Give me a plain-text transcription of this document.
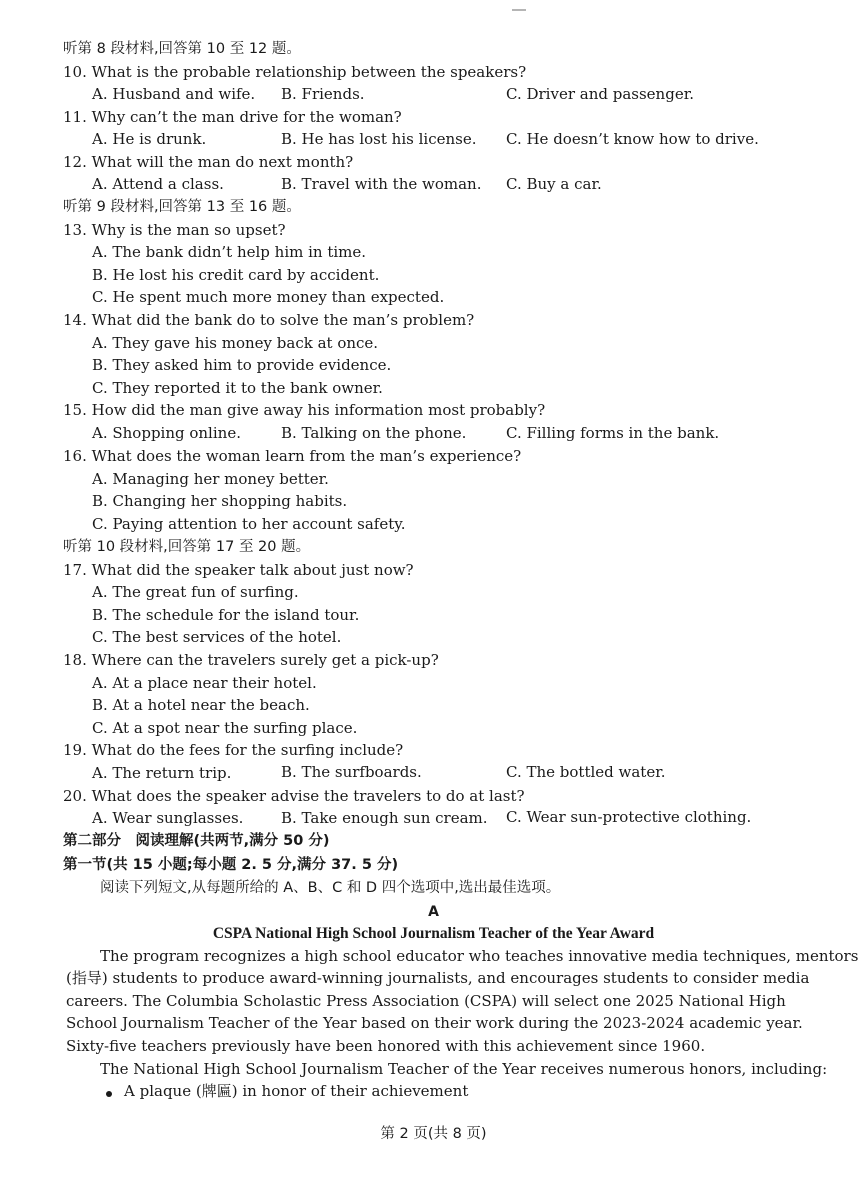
听第 8 段材料,回答第 10 至 12 题。
10. What is the probable relationship between the speakers?
A. Husband and wife. B. Friends.	C. Driver and passenger.
11. Why can’t the man drive for the woman?
A. He is drunk.	B. He has lost his license. C. He doesn’t know how to drive.
12. What will the man do next month?
A. Attend a class.	B. Travel with the woman. C. Buy a car.
听第 9 段材料,回答第 13 至 16 题。
13. Why is the man so upset?
A. The bank didn’t help him in time.
B. He lost his credit card by accident.
C. He spent much more money than expected.
14. What did the bank do to solve the man’s problem?
A. They gave his money back at once.
B. They asked him to provide evidence.
C. They reported it to the bank owner.
15. How did the man give away his information most probably?
A. Shopping online.	B. Talking on the phone.	C. Filling forms in the bank.
16. What does the woman learn from the man’s experience?
A. Managing her money better.
B. Changing her shopping habits.
C. Paying attention to her account safety.
听第 10 段材料,回答第 17 至 20 题。
17. What did the speaker talk about just now?
A. The great fun of surfing.
B. The schedule for the island tour.
C. The best services of the hotel.
18. Where can the travelers surely get a pick-up?
A. At a place near their hotel.
B. At a hotel near the beach.
C. At a spot near the surfing place.
19. What do the fees for the surfing include?
A. The return trip.	B. The surfboards.	C. The bottled water.
20. What does the speaker advise the travelers to do at last?
A. Wear sunglasses.	B. Take enough sun cream. C. Wear sun-protective clothing.
第二部分　阅读理解(共两节,满分 50 分)
第一节(共 15 小题;每小题 2. 5 分,满分 37. 5 分)
阅读下列短文,从每题所给的 A、B、C 和 D 四个选项中,选出最佳选项。
A
CSPA National High School Journalism Teacher of the Year Award
The program recognizes a high school educator who teaches innovative media techniques, mentors
(指导) students to produce award-winning journalists, and encourages students to consider media
careers. The Columbia Scholastic Press Association (CSPA) will select one 2025 National High
School Journalism Teacher of the Year based on their work during the 2023-2024 academic year.
Sixty-five teachers previously have been honored with this achievement since 1960.
The National High School Journalism Teacher of the Year receives numerous honors, including:
A plaque (牌匾) in honor of their achievement
第 2 页(共 8 页)
